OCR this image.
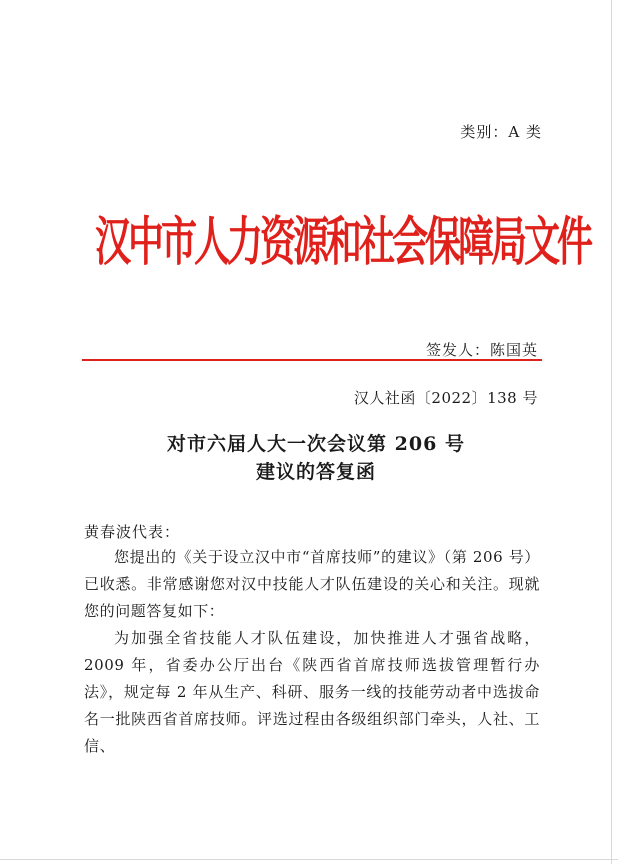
类别：A 类
汉中市人力资源和社会保障局文件
签发人：陈国英
汉人社函〔2022〕138 号
对市六届人大一次会议第 206 号
建议的答复函
黄春波代表：
您提出的《关于设立汉中市“首席技师”的建议》（第 206 号）已收悉。非常感谢您对汉中技能人才队伍建设的关心和关注。现就您的问题答复如下：
为加强全省技能人才队伍建设，加快推进人才强省战略，2009 年，省委办公厅出台《陕西省首席技师选拔管理暂行办法》，规定每 2 年从生产、科研、服务一线的技能劳动者中选拔命名一批陕西省首席技师。评选过程由各级组织部门牵头，人社、工信、
